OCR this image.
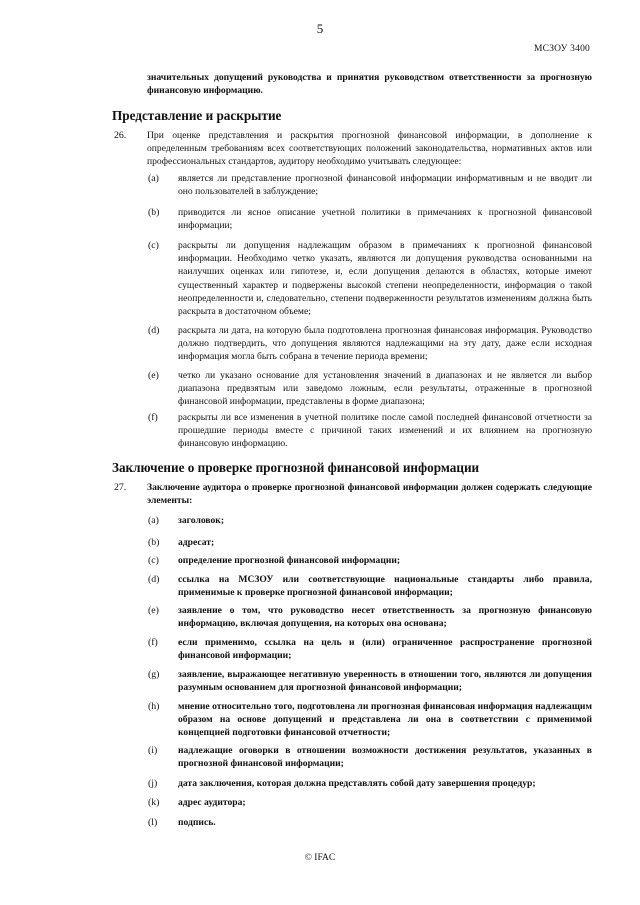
5
МСЗОУ 3400
значительных допущений руководства и принятия руководством ответственности за прогнозную финансовую информацию.
Представление и раскрытие
26. При оценке представления и раскрытия прогнозной финансовой информации, в дополнение к определенным требованиям всех соответствующих положений законодательства, нормативных актов или профессиональных стандартов, аудитору необходимо учитывать следующее:
(a) является ли представление прогнозной финансовой информации информативным и не вводит ли оно пользователей в заблуждение;
(b) приводится ли ясное описание учетной политики в примечаниях к прогнозной финансовой информации;
(c) раскрыты ли допущения надлежащим образом в примечаниях к прогнозной финансовой информации. Необходимо четко указать, являются ли допущения руководства основанными на наилучших оценках или гипотезе, и, если допущения делаются в областях, которые имеют существенный характер и подвержены высокой степени неопределенности, информация о такой неопределенности и, следовательно, степени подверженности результатов изменениям должна быть раскрыта в достаточном объеме;
(d) раскрыта ли дата, на которую была подготовлена прогнозная финансовая информация. Руководство должно подтвердить, что допущения являются надлежащими на эту дату, даже если исходная информация могла быть собрана в течение периода времени;
(e) четко ли указано основание для установления значений в диапазонах и не является ли выбор диапазона предвзятым или заведомо ложным, если результаты, отраженные в прогнозной финансовой информации, представлены в форме диапазона;
(f) раскрыты ли все изменения в учетной политике после самой последней финансовой отчетности за прошедшие периоды вместе с причиной таких изменений и их влиянием на прогнозную финансовую информацию.
Заключение о проверке прогнозной финансовой информации
27. Заключение аудитора о проверке прогнозной финансовой информации должен содержать следующие элементы:
(a) заголовок;
(b) адресат;
(c) определение прогнозной финансовой информации;
(d) ссылка на МСЗОУ или соответствующие национальные стандарты либо правила, применимые к проверке прогнозной финансовой информации;
(e) заявление о том, что руководство несет ответственность за прогнозную финансовую информацию, включая допущения, на которых она основана;
(f) если применимо, ссылка на цель и (или) ограниченное распространение прогнозной финансовой информации;
(g) заявление, выражающее негативную уверенность в отношении того, являются ли допущения разумным основанием для прогнозной финансовой информации;
(h) мнение относительно того, подготовлена ли прогнозная финансовая информация надлежащим образом на основе допущений и представлена ли она в соответствии с применимой концепцией подготовки финансовой отчетности;
(i) надлежащие оговорки в отношении возможности достижения результатов, указанных в прогнозной финансовой информации;
(j) дата заключения, которая должна представлять собой дату завершения процедур;
(k) адрес аудитора;
(l) подпись.
© IFAC
